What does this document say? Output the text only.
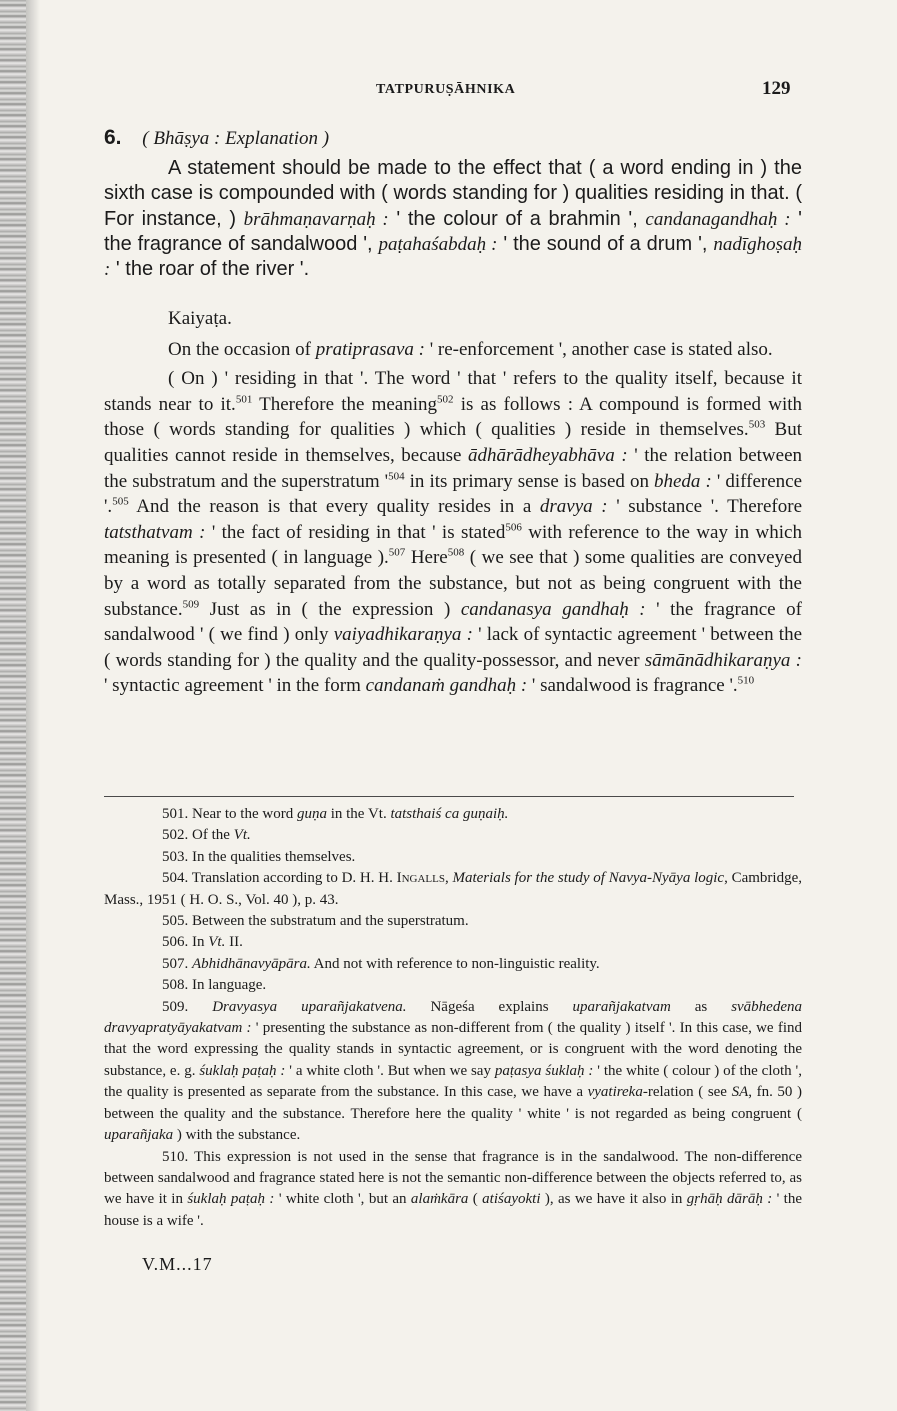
TATPURUṢĀHNIKA	129
6. ( Bhāṣya : Explanation )

A statement should be made to the effect that ( a word ending in ) the sixth case is compounded with ( words standing for ) qualities residing in that. ( For instance, ) brāhmaṇavarṇaḥ : ' the colour of a brahmin ', candanagandhaḥ : ' the fragrance of sandalwood ', paṭahaśabdaḥ : ' the sound of a drum ', nadīghoṣaḥ : ' the roar of the river '.

Kaiyaṭa.

On the occasion of pratiprasava : ' re-enforcement ', another case is stated also.

( On ) ' residing in that '. The word ' that ' refers to the quality itself, because it stands near to it.$^{501}$ Therefore the meaning$^{502}$ is as follows : A compound is formed with those ( words standing for qualities ) which ( qualities ) reside in themselves.$^{503}$ But qualities cannot reside in themselves, because ādhārādheyabhāva : ' the relation between the substratum and the superstratum '$^{504}$ in its primary sense is based on bheda : ' difference '.$^{505}$ And the reason is that every quality resides in a dravya : ' substance '. Therefore tatsthatvam : ' the fact of residing in that ' is stated$^{506}$ with reference to the way in which meaning is presented ( in language ).$^{507}$ Here$^{508}$ ( we see that ) some qualities are conveyed by a word as totally separated from the substance, but not as being congruent with the substance.$^{509}$ Just as in ( the expression ) candanasya gandhaḥ : ' the fragrance of sandalwood ' ( we find ) only vaiyadhikaraṇya : ' lack of syntactic agreement ' between the ( words standing for ) the quality and the quality-possessor, and never sāmānādhikaraṇya : ' syntactic agreement ' in the form candanaṁ gandhaḥ : ' sandalwood is fragrance '.$^{510}$

501. Near to the word guṇa in the Vt. tatsthaiś ca guṇaiḥ.

502. Of the Vt.

503. In the qualities themselves.

504. Translation according to D. H. H. Ingalls, Materials for the study of Navya-Nyāya logic, Cambridge, Mass., 1951 ( H. O. S., Vol. 40 ), p. 43.

505. Between the substratum and the superstratum.

506. In Vt. II.

507. Abhidhānavyāpāra. And not with reference to non-linguistic reality.

508. In language.

509. Dravyasya uparañjakatvena. Nāgeśa explains uparañjakatvam as svābhedena dravyapratyāyakatvam : ' presenting the substance as non-different from ( the quality ) itself '. In this case, we find that the word expressing the quality stands in syntactic agreement, or is congruent with the word denoting the substance, e. g. śuklaḥ paṭaḥ : ' a white cloth '. But when we say paṭasya śuklaḥ : ' the white ( colour ) of the cloth ', the quality is presented as separate from the substance. In this case, we have a vyatireka-relation ( see SA, fn. 50 ) between the quality and the substance. Therefore here the quality ' white ' is not regarded as being congruent ( uparañjaka ) with the substance.

510. This expression is not used in the sense that fragrance is in the sandalwood. The non-difference between sandalwood and fragrance stated here is not the semantic non-difference between the objects referred to, as we have it in śuklaḥ paṭaḥ : ' white cloth ', but an alaṁkāra ( atiśayokti ), as we have it also in gṛhāḥ dārāḥ : ' the house is a wife '.

V.M...17
